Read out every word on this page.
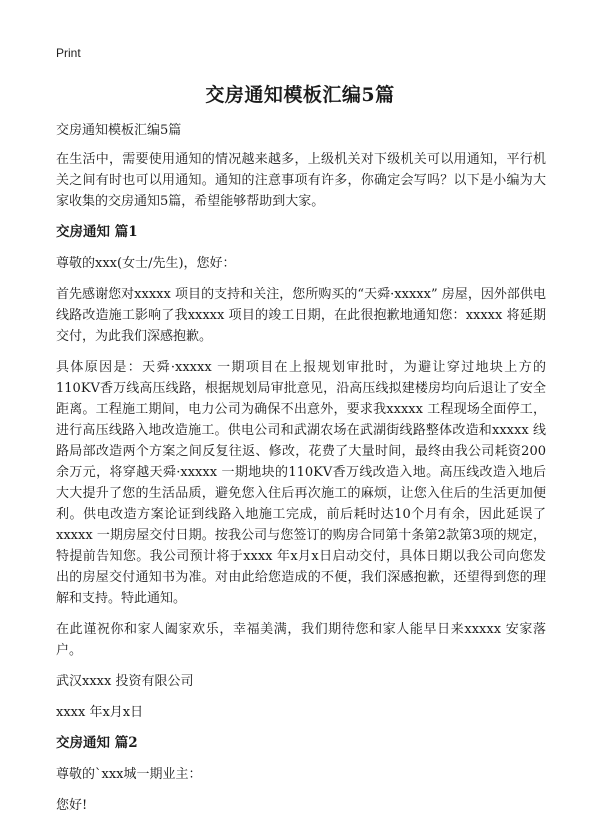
Print
交房通知模板汇编5篇

交房通知模板汇编5篇

在生活中，需要使用通知的情况越来越多，上级机关对下级机关可以用通知，平行机关之间有时也可以用通知。通知的注意事项有许多，你确定会写吗？以下是小编为大家收集的交房通知5篇，希望能够帮助到大家。

交房通知 篇1

尊敬的xxx(女士/先生)，您好：

首先感谢您对xxxxx 项目的支持和关注，您所购买的“天舜·xxxxx” 房屋，因外部供电线路改造施工影响了我xxxxx 项目的竣工日期，在此很抱歉地通知您：xxxxx 将延期交付，为此我们深感抱歉。

具体原因是：天舜·xxxxx 一期项目在上报规划审批时，为避让穿过地块上方的110KV香万线高压线路，根据规划局审批意见，沿高压线拟建楼房均向后退让了安全距离。工程施工期间，电力公司为确保不出意外，要求我xxxxx 工程现场全面停工，进行高压线路入地改造施工。供电公司和武湖农场在武湖街线路整体改造和xxxxx 线路局部改造两个方案之间反复往返、修改，花费了大量时间，最终由我公司耗资200余万元，将穿越天舜·xxxxx 一期地块的110KV香万线改造入地。高压线改造入地后大大提升了您的生活品质，避免您入住后再次施工的麻烦，让您入住后的生活更加便利。供电改造方案论证到线路入地施工完成，前后耗时达10个月有余，因此延误了xxxxx 一期房屋交付日期。按我公司与您签订的购房合同第十条第2款第3项的规定，特提前告知您。我公司预计将于xxxx 年x月x日启动交付，具体日期以我公司向您发出的房屋交付通知书为准。对由此给您造成的不便，我们深感抱歉，还望得到您的理解和支持。特此通知。

在此谨祝你和家人阖家欢乐，幸福美满，我们期待您和家人能早日来xxxxx 安家落户。

武汉xxxx 投资有限公司

xxxx 年x月x日

交房通知 篇2

尊敬的`xxx城一期业主：

您好!
